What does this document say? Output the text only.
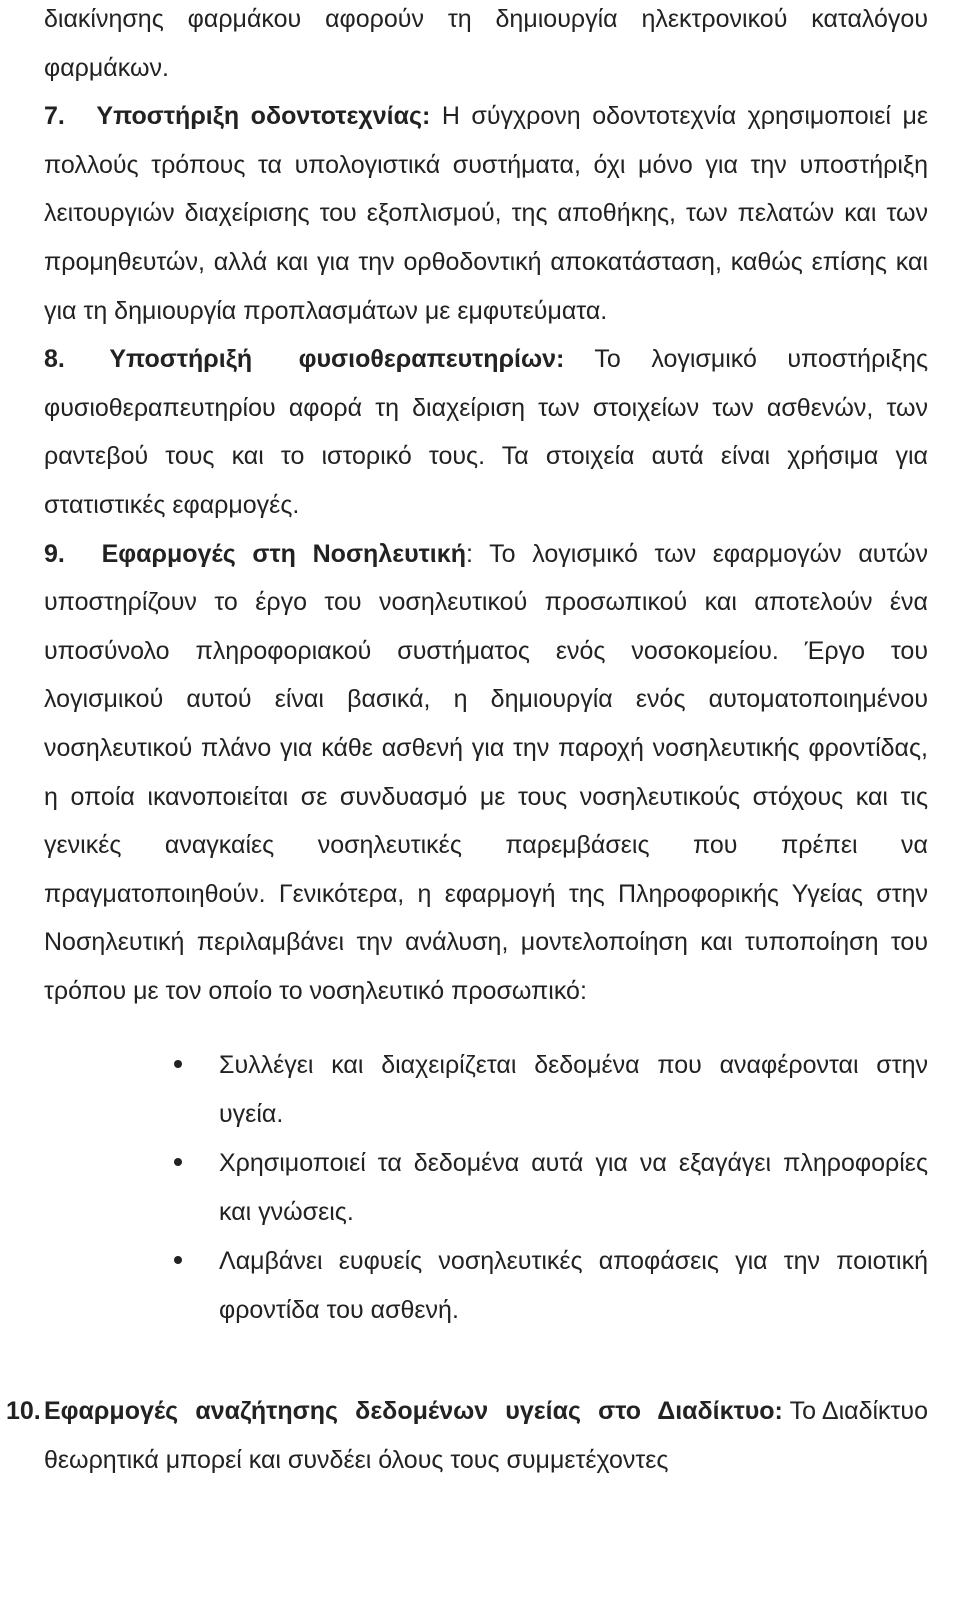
διακίνησης φαρμάκου αφορούν τη δημιουργία ηλεκτρονικού καταλόγου

φαρμάκων.

7. Υποστήριξη οδοντοτεχνίας: Η σύγχρονη οδοντοτεχνία χρησιμοποιεί με πολλούς τρόπους τα υπολογιστικά συστήματα, όχι μόνο για την υποστήριξη λειτουργιών διαχείρισης του εξοπλισμού, της αποθήκης, των πελατών και των προμηθευτών, αλλά και για την ορθοδοντική αποκατάσταση, καθώς επίσης και για τη δημιουργία προπλασμάτων με εμφυτεύματα.

8. Υποστήριξή φυσιοθεραπευτηρίων: Το λογισμικό υποστήριξης φυσιοθεραπευτηρίου αφορά τη διαχείριση των στοιχείων των ασθενών, των ραντεβού τους και το ιστορικό τους. Τα στοιχεία αυτά είναι χρήσιμα για στατιστικές εφαρμογές.

9. Εφαρμογές στη Νοσηλευτική: Το λογισμικό των εφαρμογών αυτών υποστηρίζουν το έργο του νοσηλευτικού προσωπικού και αποτελούν ένα υποσύνολο πληροφοριακού συστήματος ενός νοσοκομείου. Έργο του λογισμικού αυτού είναι βασικά, η δημιουργία ενός αυτοματοποιημένου νοσηλευτικού πλάνο για κάθε ασθενή για την παροχή νοσηλευτικής φροντίδας, η οποία ικανοποιείται σε συνδυασμό με τους νοσηλευτικούς στόχους και τις γενικές αναγκαίες νοσηλευτικές παρεμβάσεις που πρέπει να πραγματοποιηθούν. Γενικότερα, η εφαρμογή της Πληροφορικής Υγείας στην Νοσηλευτική περιλαμβάνει την ανάλυση, μοντελοποίηση και τυποποίηση του τρόπου με τον οποίο το νοσηλευτικό προσωπικό:

Συλλέγει και διαχειρίζεται δεδομένα που αναφέρονται στην υγεία.
Χρησιμοποιεί τα δεδομένα αυτά για να εξαγάγει πληροφορίες και γνώσεις.
Λαμβάνει ευφυείς νοσηλευτικές αποφάσεις για την ποιοτική φροντίδα του ασθενή.

10. Εφαρμογές αναζήτησης δεδομένων υγείας στο Διαδίκτυο: Το Διαδίκτυο θεωρητικά μπορεί και συνδέει όλους τους συμμετέχοντες
